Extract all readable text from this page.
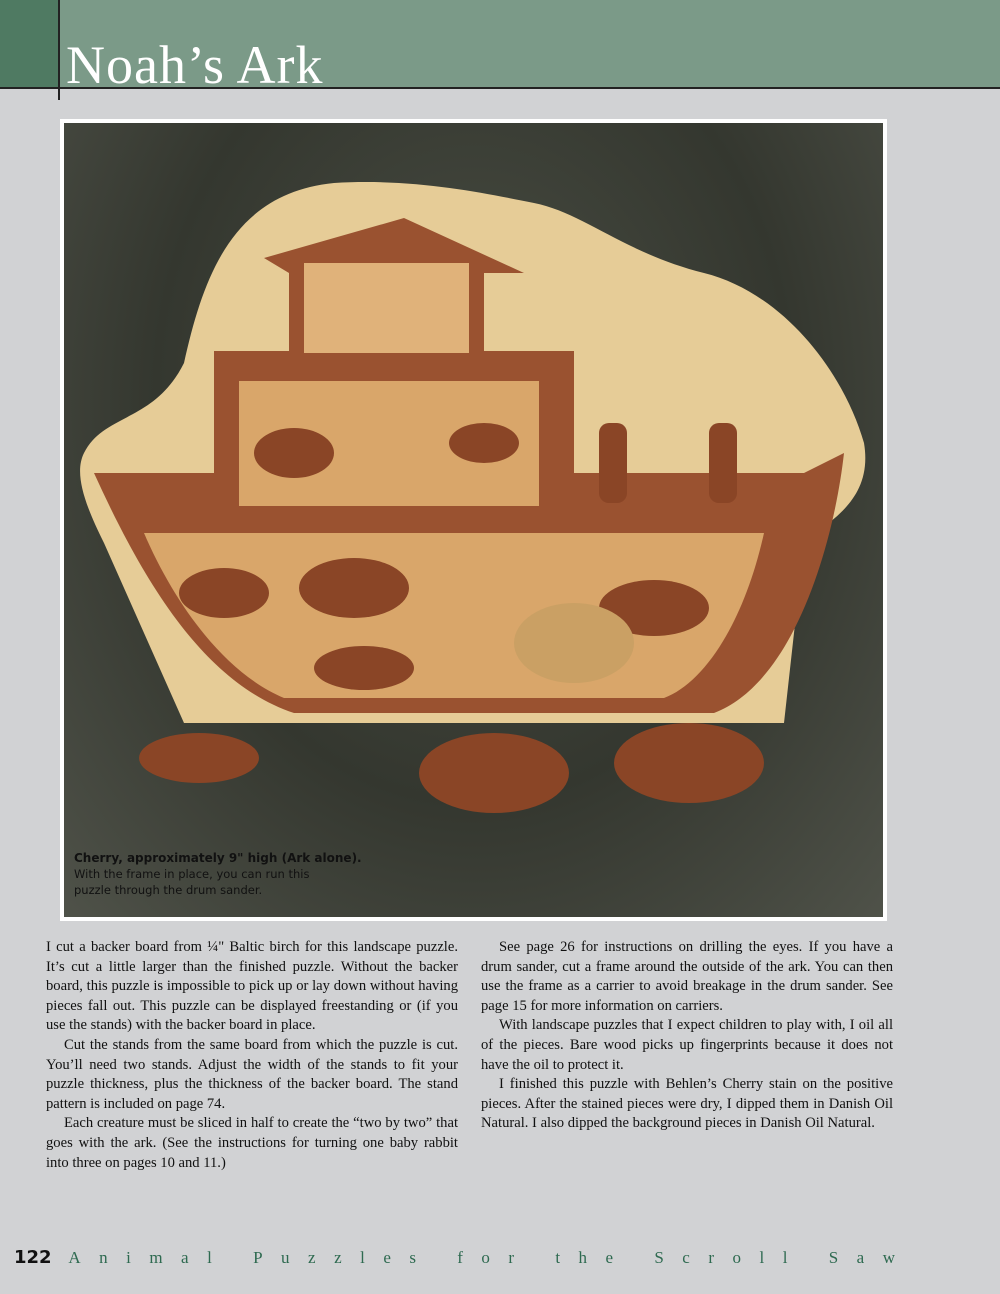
Noah’s Ark
Cherry, approximately 9" high (Ark alone).
With the frame in place, you can run this
puzzle through the drum sander.

I cut a backer board from ¼" Baltic birch for this landscape puzzle. It’s cut a little larger than the finished puzzle. Without the backer board, this puzzle is impossible to pick up or lay down without having pieces fall out. This puzzle can be displayed freestanding or (if you use the stands) with the backer board in place.

Cut the stands from the same board from which the puzzle is cut. You’ll need two stands. Adjust the width of the stands to fit your puzzle thickness, plus the thickness of the backer board. The stand pattern is included on page 74.

Each creature must be sliced in half to create the “two by two” that goes with the ark. (See the instructions for turning one baby rabbit into three on pages 10 and 11.)

See page 26 for instructions on drilling the eyes. If you have a drum sander, cut a frame around the outside of the ark. You can then use the frame as a carrier to avoid breakage in the drum sander. See page 15 for more information on carriers.

With landscape puzzles that I expect children to play with, I oil all of the pieces. Bare wood picks up fingerprints because it does not have the oil to protect it.

I finished this puzzle with Behlen’s Cherry stain on the positive pieces. After the stained pieces were dry, I dipped them in Danish Oil Natural. I also dipped the background pieces in Danish Oil Natural.

122 Animal Puzzles for the Scroll Saw
